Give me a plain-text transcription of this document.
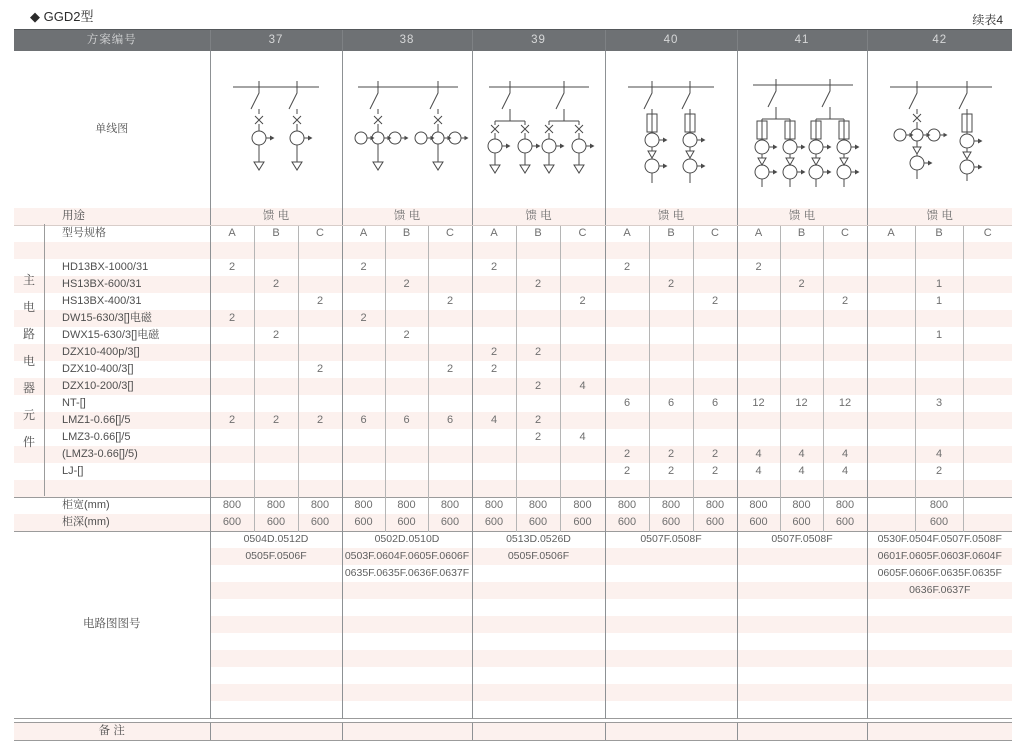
◆ GGD2型	续表4
方案编号	37			38			39			40			41			42		
单线图	

用途	馈 电			馈 电			馈 电			馈 电			馈 电			馈 电		
型号规格	A	B	C	A	B	C	A	B	C	A	B	C	A	B	C	A	B	C

HD13BX-1000/31	2			2			2			2			2					
HS13BX-600/31		2			2			2			2			2			1	
HS13BX-400/31			2			2			2			2			2		1	
DW15-630/3[]电磁	2			2														
DWX15-630/3[]电磁		2			2												1	
DZX10-400p/3[]							2	2										
DZX10-400/3[]			2			2	2											
DZX10-200/3[]								2	4									
NT-[]										6	6	6	12	12	12		3	
LMZ1-0.66[]/5	2	2	2	6	6	6	4	2										
LMZ3-0.66[]/5								2	4									
(LMZ3-0.66[]/5)										2	2	2	4	4	4		4	
LJ-[]										2	2	2	4	4	4		2	

柜宽(mm)	800	800	800	800	800	800	800	800	800	800	800	800	800	800	800		800	
柜深(mm)	600	600	600	600	600	600	600	600	600	600	600	600	600	600	600		600	
电路图图号	0504D.0512D			0502D.0510D			0513D.0526D			0507F.0508F			0507F.0508F			0530F.0504F.0507F.0508F		
	0505F.0506F			0503F.0604F.0605F.0606F			0505F.0506F									0601F.0605F.0603F.0604F		
				0635F.0635F.0636F.0637F												0605F.0606F.0635F.0635F		
																0636F.0637F		

备 注																		
主
电
路
电
器
元
件
